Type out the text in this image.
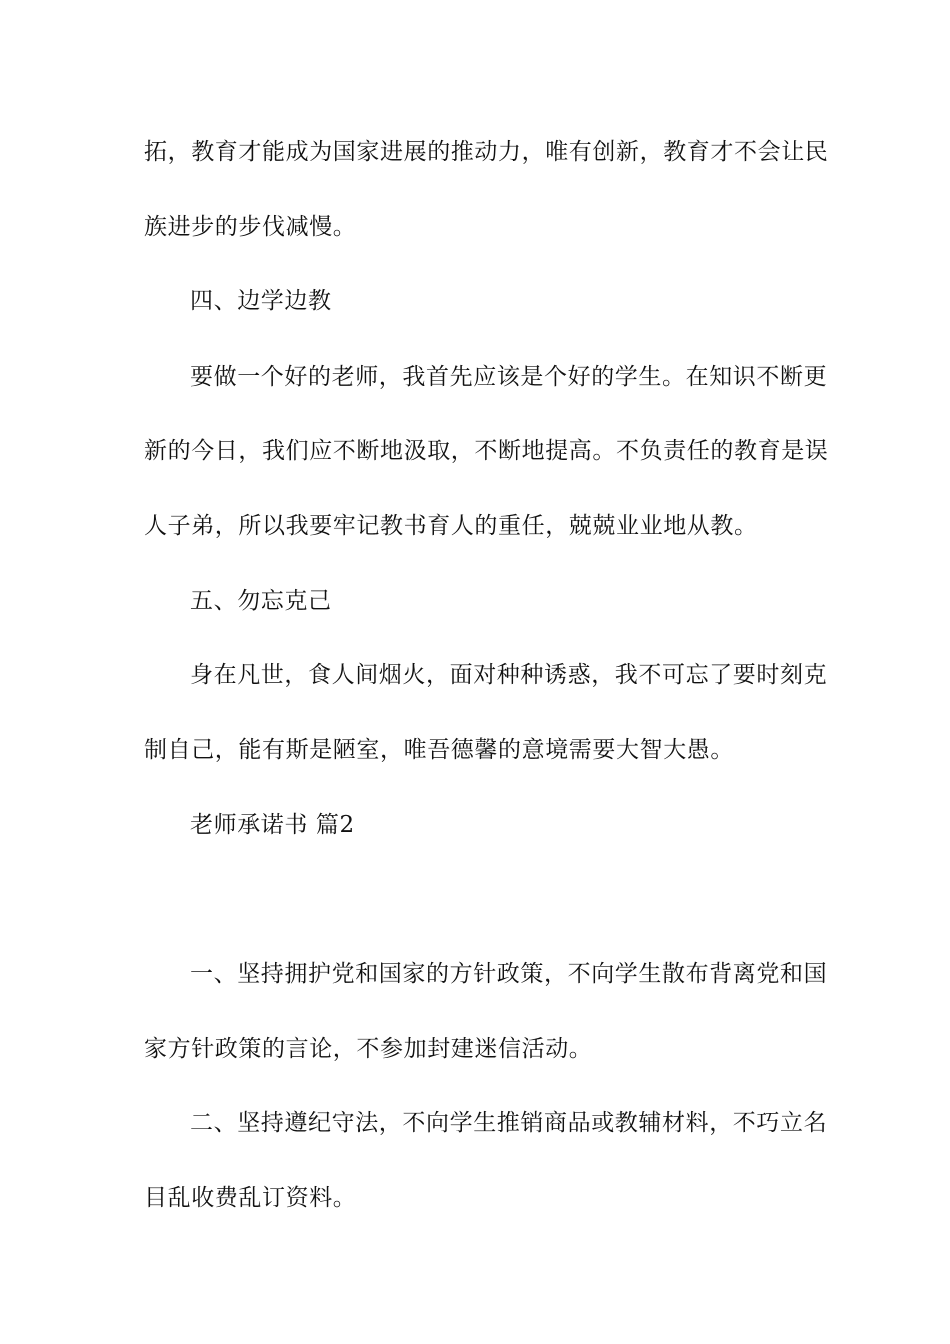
拓，教育才能成为国家进展的推动力，唯有创新，教育才不会让民
族进步的步伐减慢。
四、边学边教
要做一个好的老师，我首先应该是个好的学生。在知识不断更
新的今日，我们应不断地汲取，不断地提高。不负责任的教育是误
人子弟，所以我要牢记教书育人的重任，兢兢业业地从教。
五、勿忘克己
身在凡世，食人间烟火，面对种种诱惑，我不可忘了要时刻克
制自己，能有斯是陋室，唯吾德馨的意境需要大智大愚。
老师承诺书 篇2
一、坚持拥护党和国家的方针政策，不向学生散布背离党和国
家方针政策的言论，不参加封建迷信活动。
二、坚持遵纪守法，不向学生推销商品或教辅材料，不巧立名
目乱收费乱订资料。
